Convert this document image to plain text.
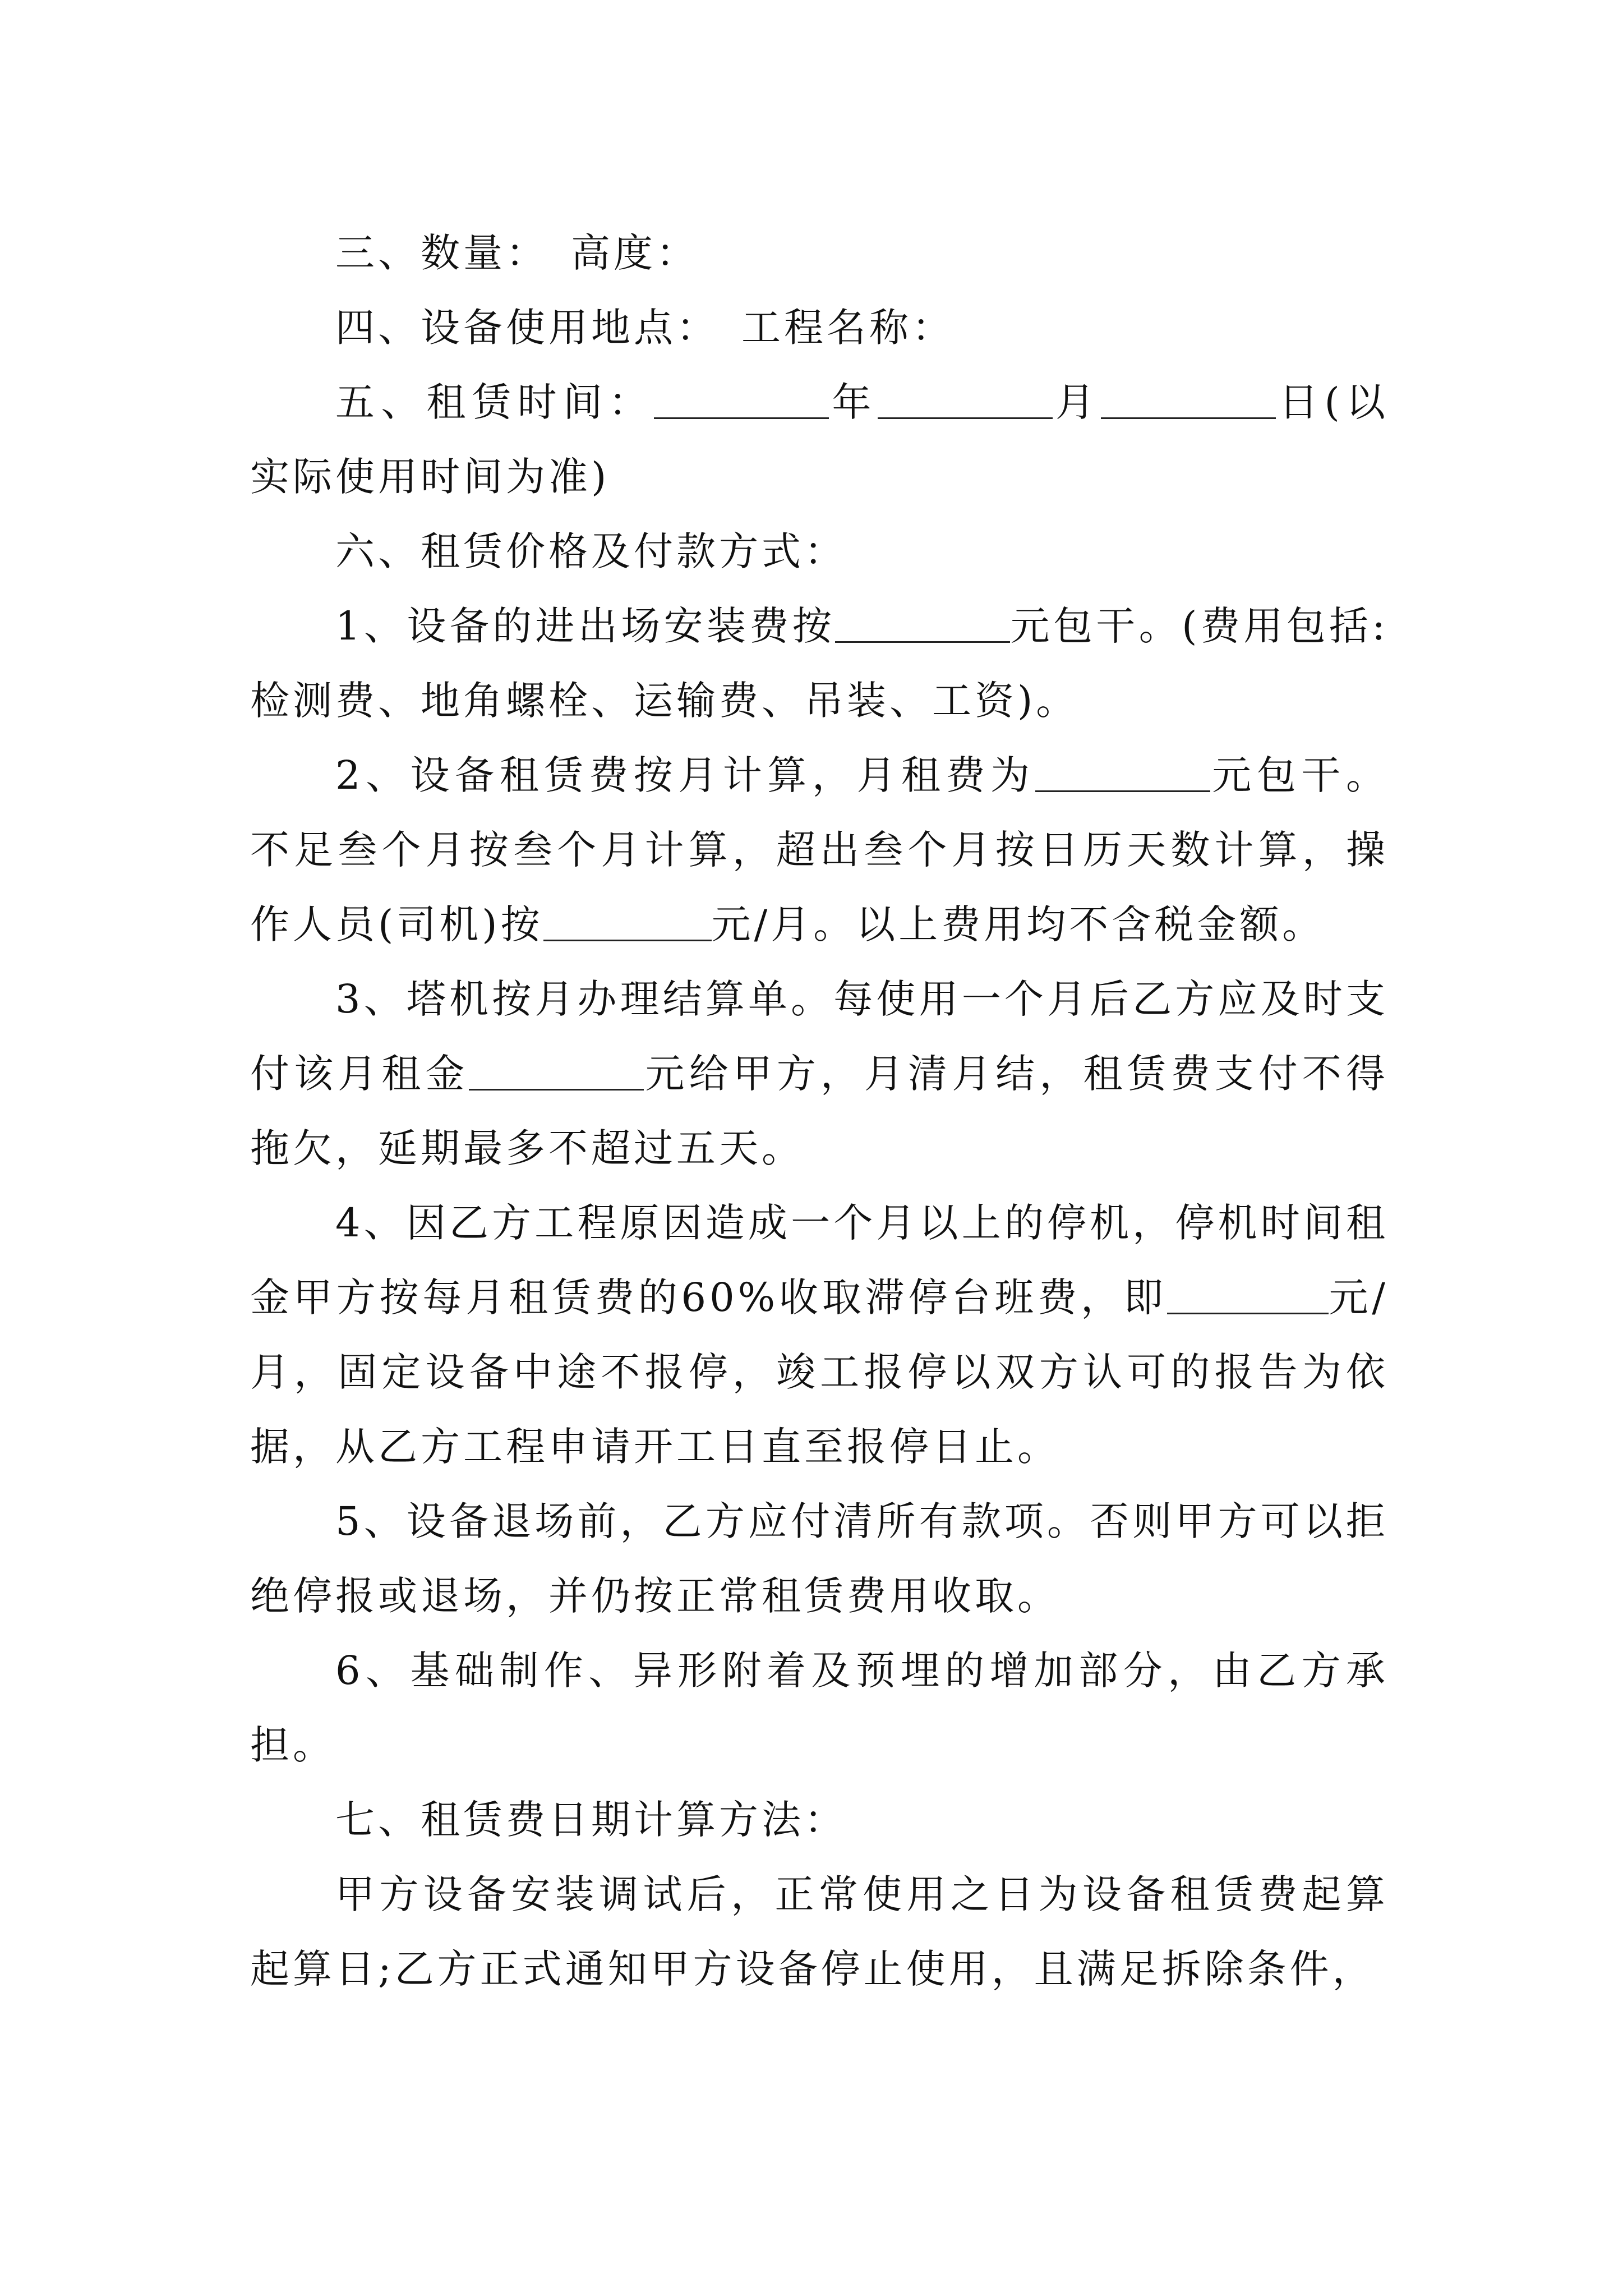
三、数量： 高度：

四、设备使用地点： 工程名称：

五、租赁时间：	年	月	日(以实际使用时间为准)

六、租赁价格及付款方式：

1、设备的进出场安装费按	元包干。(费用包括:检测费、地角螺栓、运输费、吊装、工资)。

2、设备租赁费按月计算，月租费为	元包干。不足叁个月按叁个月计算，超出叁个月按日历天数计算，操作人员(司机)按	元/月。以上费用均不含税金额。

3、塔机按月办理结算单。每使用一个月后乙方应及时支付该月租金	元给甲方，月清月结，租赁费支付不得拖欠，延期最多不超过五天。

4、因乙方工程原因造成一个月以上的停机，停机时间租金甲方按每月租赁费的60%收取滞停台班费，即	元/月，固定设备中途不报停，竣工报停以双方认可的报告为依据，从乙方工程申请开工日直至报停日止。

5、设备退场前，乙方应付清所有款项。否则甲方可以拒绝停报或退场，并仍按正常租赁费用收取。

6、基础制作、异形附着及预埋的增加部分，由乙方承担。

七、租赁费日期计算方法：

甲方设备安装调试后，正常使用之日为设备租赁费起算起算日;乙方正式通知甲方设备停止使用，且满足拆除条件，
